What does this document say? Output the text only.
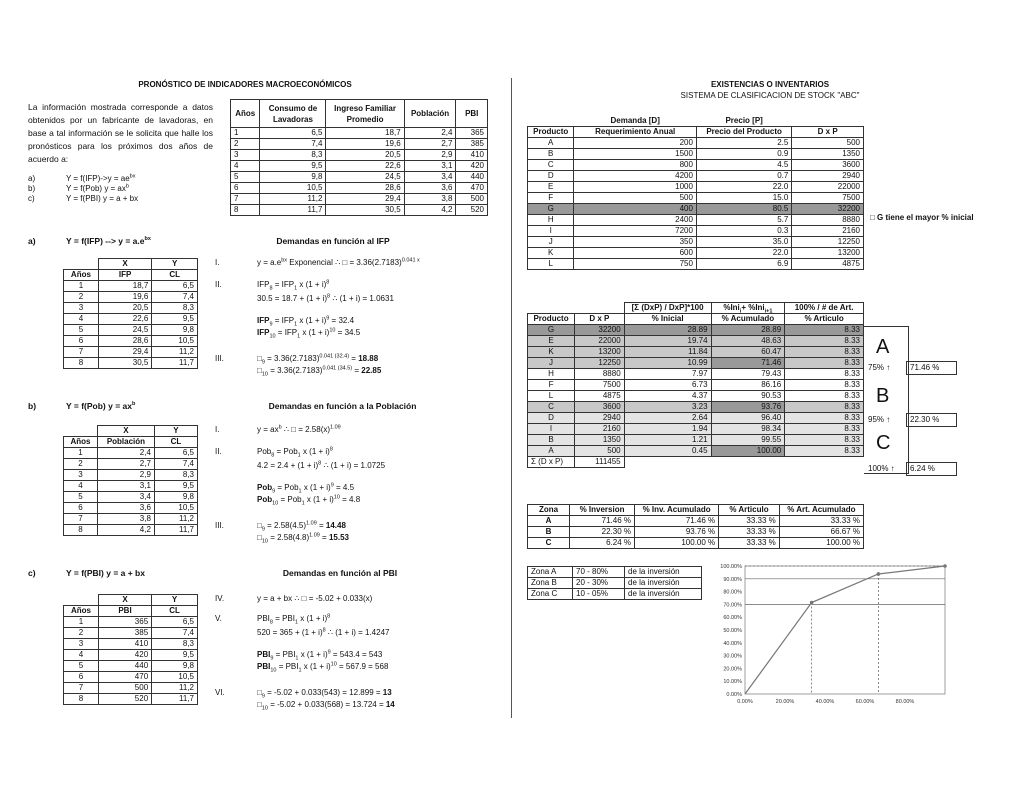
PRONÓSTICO DE INDICADORES MACROECONÓMICOS
La información mostrada corresponde a datos obtenidos por un fabricante de lavadoras, en base a tal información se le solicita que halle los pronósticos para los próximos dos años de acuerdo a:
a)	$Y = f(IFP)->y = ae^{bx}$
b)	Y = f(Pob) $y = ax^b$
c)	Y = f(PBI) y = a + bx
Años	Consumo de Lavadoras	Ingreso Familiar Promedio	Población	PBI
1	6,5	18,7	2,4	365
2	7,4	19,6	2,7	385
3	8,3	20,5	2,9	410
4	9,5	22,6	3,1	420
5	9,8	24,5	3,4	440
6	10,5	28,6	3,6	470
7	11,2	29,4	3,8	500
8	11,7	30,5	4,2	520
a)	Y = f(IFP) --> $y = a.e^{bx}$	Demandas en función al IFP
	X	Y
Años	IFP	CL
1	18,7	6,5
2	19,6	7,4
3	20,5	8,3
4	22,6	9,5
5	24,5	9,8
6	28,6	10,5
7	29,4	11,2
8	30,5	11,7
I.	$y = a.e^{bx}$ Exponencial ∴ □ = $3.36(2.7183)^{0.041 x}$
II.	$IFP_8 = IFP_1$ x $(1 + i)^8$
$30.5 = 18.7 + (1 + i)^8$ ∴ (1 + i) = 1.0631
$IFP_9 = IFP_1$ x $(1 + i)^9 = 32.4$
$IFP_{10} = IFP_1$ x $(1 + i)^{10} = 34.5$
III.	$□_9 = 3.36(2.7183)^{0.041 (32.4)} = 18.88$
$□_{10} = 3.36(2.7183)^{0.041 (34.5)} = 22.85$
b)	Y = f(Pob) $y = ax^b$	Demandas en función a la Población
	X	Y
Años	Población	CL
1	2,4	6,5
2	2,7	7,4
3	2,9	8,3
4	3,1	9,5
5	3,4	9,8
6	3,6	10,5
7	3,8	11,2
8	4,2	11,7
I.	$y = ax^b$ ∴ □ = $2.58(x)^{1.09}$
II.	Pob$_8$ = Pob$_1$ x $(1 + i)^8$
$4.2 = 2.4 + (1 + i)^8$ ∴ (1 + i) = 1.0725
Pob$_9$ = Pob$_1$ x $(1 + i)^9 = 4.5$
Pob$_{10}$ = Pob$_1$ x $(1 + i)^{10} = 4.8$
III.	$□_9 = 2.58(4.5)^{1.09} = 14.48$
$□_{10} = 2.58(4.8)^{1.09} = 15.53$
c)	Y = f(PBI) y = a + bx	Demandas en función al PBI
	X	Y
Años	PBI	CL
1	365	6,5
2	385	7,4
3	410	8,3
4	420	9,5
5	440	9,8
6	470	10,5
7	500	11,2
8	520	11,7
IV.	y = a + bx ∴ □ = -5.02 + 0.033(x)
V.	$PBI_8 = PBI_1$ x $(1 + i)^8$
$520 = 365 + (1 + i)^8$ ∴ (1 + i) = 1.4247
$PBI_9 = PBI_1$ x $(1 + i)^9 = 543.4 = 543$
$PBI_{10} = PBI_1$ x $(1 + i)^{10} = 567.9 = 568$
VI.	$□_9 = -5.02 + 0.033(543) = 12.899 = 13$
$□_{10} = -5.02 + 0.033(568) = 13.724 = 14$
EXISTENCIAS O INVENTARIOS
SISTEMA DE CLASIFICACION DE STOCK "ABC"
	Demanda [D]	Precio [P]	
Producto	Requerimiento Anual	Precio del Producto	D x P
A	200	2.5	500
B	1500	0.9	1350
C	800	4.5	3600
D	4200	0.7	2940
E	1000	22.0	22000
F	500	15.0	7500
G	400	80.5	32200
H	2400	5.7	8880
I	7200	0.3	2160
J	350	35.0	12250
K	600	22.0	13200
L	750	6.9	4875
□ G tiene el mayor % inicial
		[Σ (DxP) / DxP]*100	%Ini$_i$+ %Ini$_{i+1}$	100% / # de Art.
Producto	D x P	% Inicial	% Acumulado	% Articulo
G	32200	28.89	28.89	8.33
E	22000	19.74	48.63	8.33
K	13200	11.84	60.47	8.33
J	12250	10.99	71.46	8.33
H	8880	7.97	79.43	8.33
F	7500	6.73	86.16	8.33
L	4875	4.37	90.53	8.33
C	3600	3.23	93.76	8.33
D	2940	2.64	96.40	8.33
I	2160	1.94	98.34	8.33
B	1350	1.21	99.55	8.33
A	500	0.45	100.00	8.33
Σ (D x P)	111455			
A
B
C
75% ↑	71.46 %
95% ↑	22.30 %
100% ↑	6.24 %
Zona	% Inversion	% Inv. Acumulado	% Articulo	% Art. Acumulado
A	71.46 %	71.46 %	33.33 %	33.33 %
B	22.30 %	93.76 %	33.33 %	66.67 %
C	6.24 %	100.00 %	33.33 %	100.00 %
Zona A	70 - 80%	de la inversión
Zona B	20 - 30%	de la inversión
Zona C	10 - 05%	de la inversión
0.00%
10.00%
20.00%
30.00%
40.00%
50.00%
60.00%
70.00%
80.00%
90.00%
100.00%
0.00%	20.00%	40.00%	60.00%	80.00%
